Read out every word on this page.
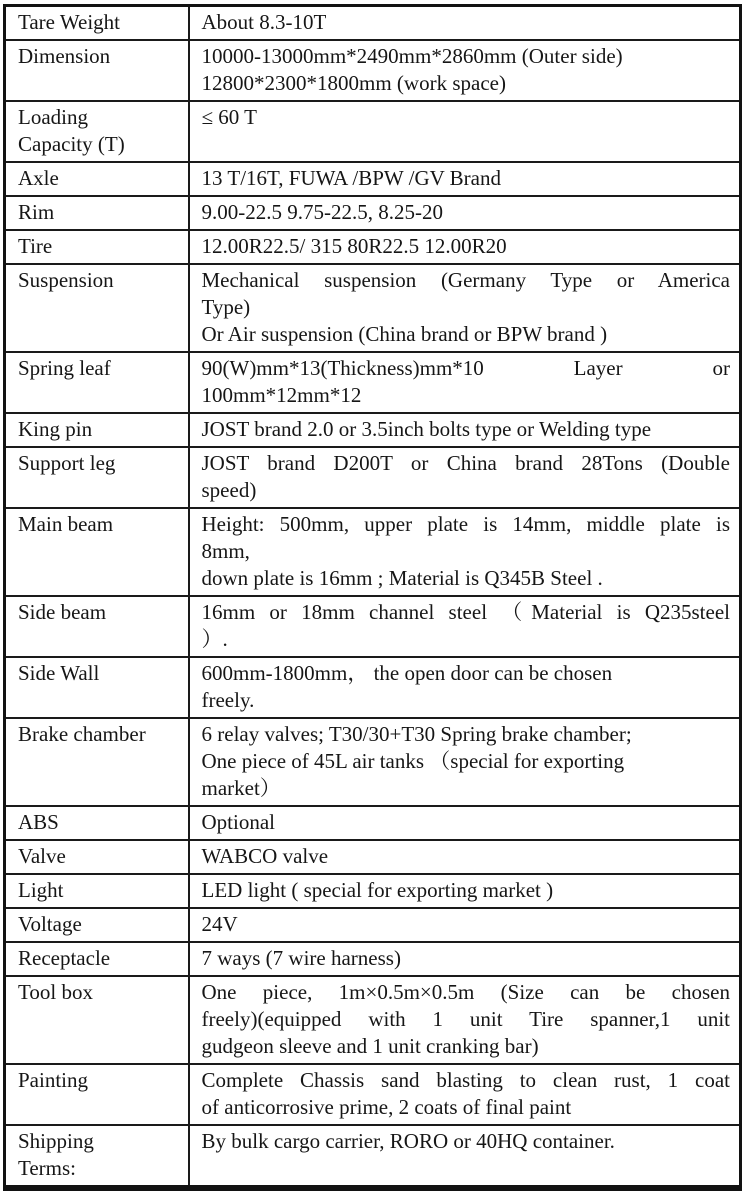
Tare Weight	About 8.3-10T

Dimension	10000-13000mm*2490mm*2860mm (Outer side)
12800*2300*1800mm (work space)

Loading
Capacity (T)	≤ 60 T

Axle	13 T/16T, FUWA /BPW /GV Brand

Rim	9.00-22.5 9.75-22.5, 8.25-20

Tire	12.00R22.5/ 315 80R22.5 12.00R20

Suspension	Mechanical suspension (Germany Type or America
Type)
Or Air suspension (China brand or BPW brand )

Spring leaf	90(W)mm*13(Thickness)mm*10 Layer or
100mm*12mm*12

King pin	JOST brand 2.0 or 3.5inch bolts type or Welding type

Support leg	JOST brand D200T or China brand 28Tons (Double
speed)

Main beam	Height: 500mm, upper plate is 14mm, middle plate is
8mm,
down plate is 16mm ; Material is Q345B Steel .

Side beam	16mm or 18mm channel steel （Material is Q235steel
）.

Side Wall	600mm-1800mm， the open door can be chosen
freely.

Brake chamber	6 relay valves; T30/30+T30 Spring brake chamber;
One piece of 45L air tanks （special for exporting
market）

ABS	Optional

Valve	WABCO valve

Light	LED light ( special for exporting market )

Voltage	24V

Receptacle	7 ways (7 wire harness)

Tool box	One piece, 1m×0.5m×0.5m (Size can be chosen
freely)(equipped with 1 unit Tire spanner,1 unit
gudgeon sleeve and 1 unit cranking bar)

Painting	Complete Chassis sand blasting to clean rust, 1 coat
of anticorrosive prime, 2 coats of final paint

Shipping
Terms:	By bulk cargo carrier, RORO or 40HQ container.
